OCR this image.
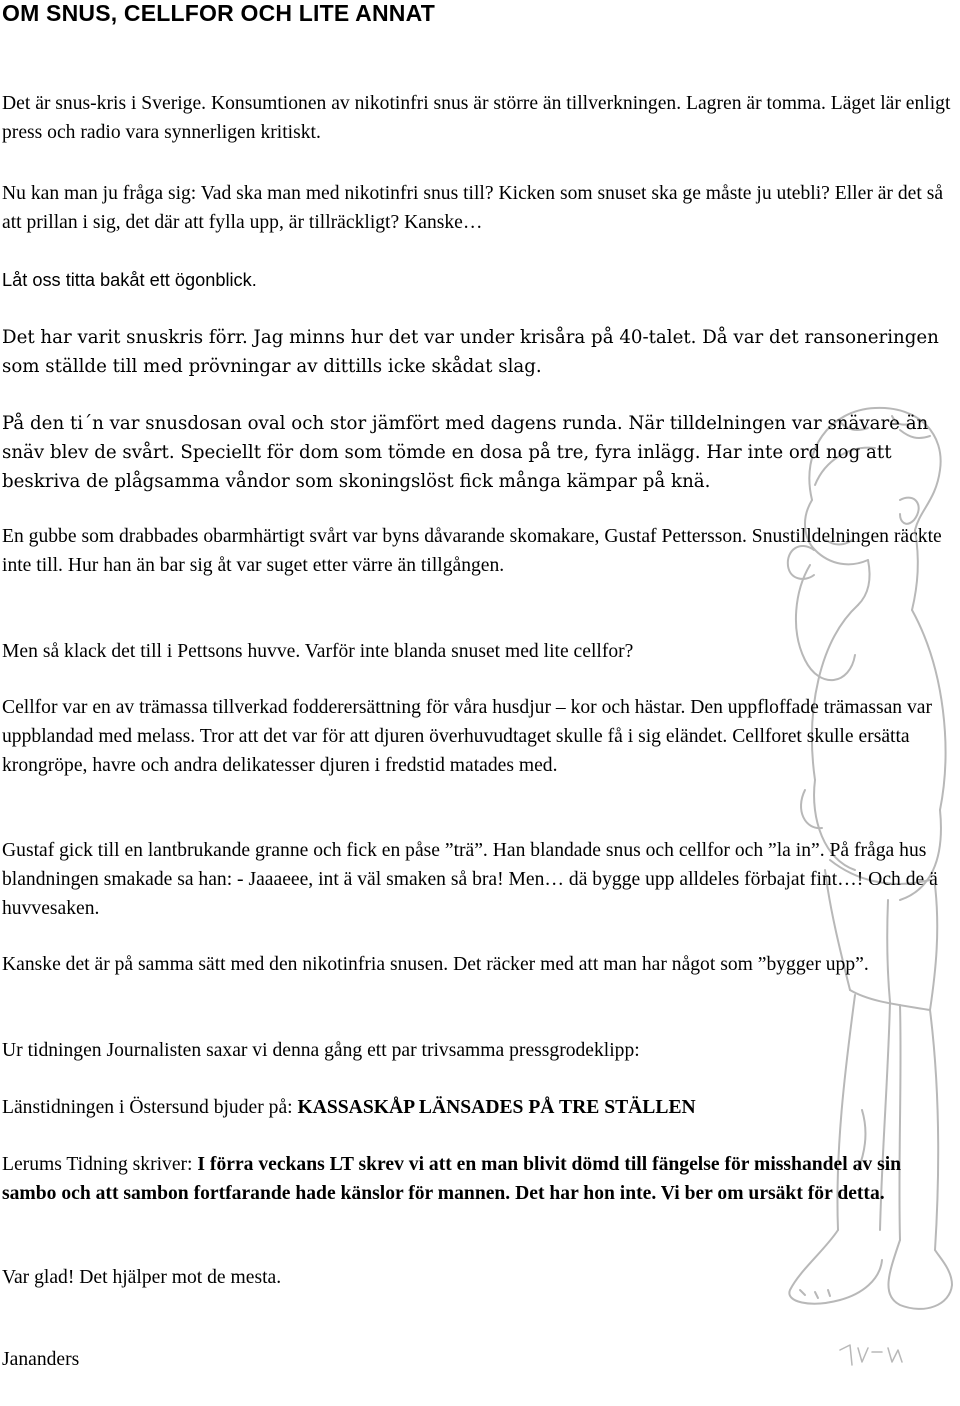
OM SNUS, CELLFOR OCH LITE ANNAT

Det är snus-kris i Sverige. Konsumtionen av nikotinfri snus är större än tillverkningen. Lagren är tomma. Läget lär enligt press och radio vara synnerligen kritiskt.

Nu kan man ju fråga sig: Vad ska man med nikotinfri snus till? Kicken som snuset ska ge måste ju utebli? Eller är det så att prillan i sig, det där att fylla upp, är tillräckligt? Kanske…

Låt oss titta bakåt ett ögonblick.

Det har varit snuskris förr. Jag minns hur det var under krisåra på 40-talet. Då var det ransoneringen som ställde till med prövningar av dittills icke skådat slag.

På den ti´n var snusdosan oval och stor jämfört med dagens runda. När tilldelningen var snävare än snäv blev de svårt. Speciellt för dom som tömde en dosa på tre, fyra inlägg. Har inte ord nog att beskriva de plågsamma våndor som skoningslöst fick många kämpar på knä.

En gubbe som drabbades obarmhärtigt svårt var byns dåvarande skomakare, Gustaf Pettersson. Snustilldelningen räckte inte till. Hur han än bar sig åt var suget etter värre än tillgången.

Men så klack det till i Pettsons huvve. Varför inte blanda snuset med lite cellfor?

Cellfor var en av trämassa tillverkad fodderersättning för våra husdjur – kor och hästar. Den uppfloffade trämassan var uppblandad med melass. Tror att det var för att djuren överhuvudtaget skulle få i sig eländet. Cellforet skulle ersätta krongröpe, havre och andra delikatesser djuren i fredstid matades med.

Gustaf gick till en lantbrukande granne och fick en påse ”trä”. Han blandade snus och cellfor och ”la in”. På fråga hus blandningen smakade sa han: - Jaaaeee, int ä väl smaken så bra! Men… dä bygge upp alldeles förbajat fint…! Och de ä huvvesaken.

Kanske det är på samma sätt med den nikotinfria snusen. Det räcker med att man har något som ”bygger upp”.

Ur tidningen Journalisten saxar vi denna gång ett par trivsamma pressgrodeklipp:

Länstidningen i Östersund bjuder på: KASSASKÅP LÄNSADES PÅ TRE STÄLLEN

Lerums Tidning skriver: I förra veckans LT skrev vi att en man blivit dömd till fängelse för misshandel av sin sambo och att sambon fortfarande hade känslor för mannen. Det har hon inte. Vi ber om ursäkt för detta.

Var glad! Det hjälper mot de mesta.

Jananders
